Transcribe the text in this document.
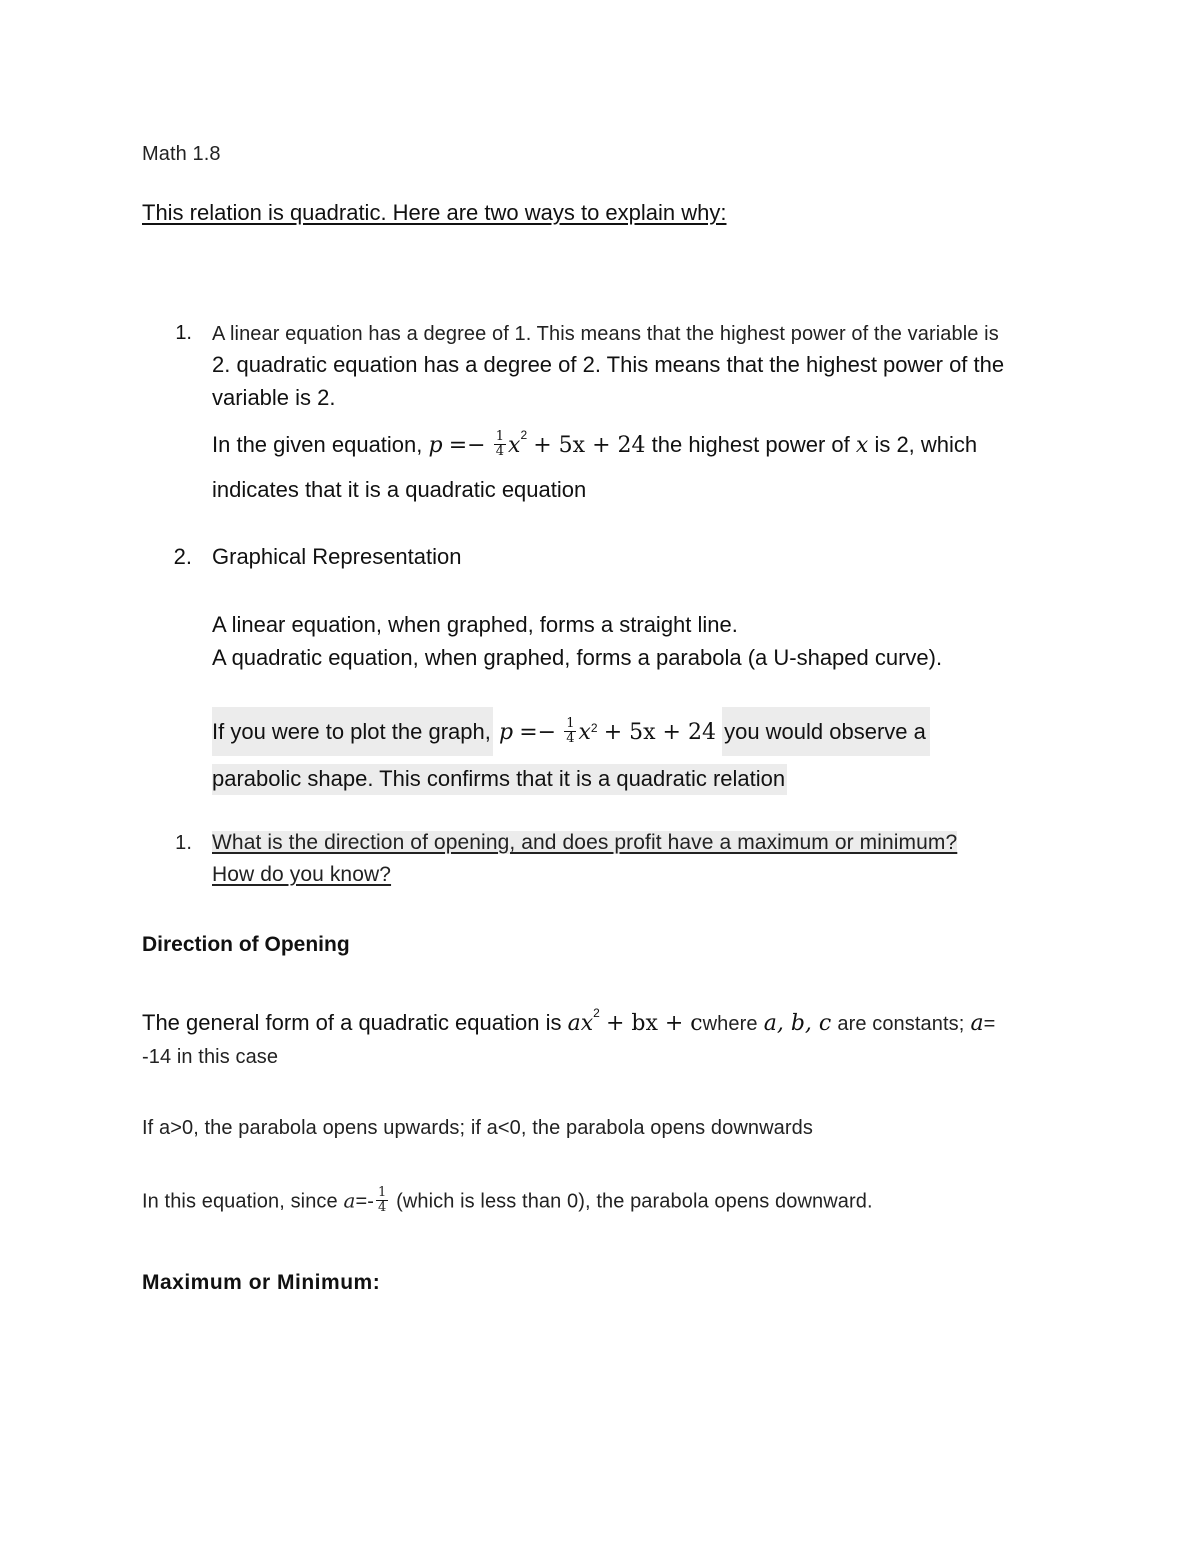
Math 1.8
This relation is quadratic. Here are two ways to explain why:
1. A linear equation has a degree of 1. This means that the highest power of the variable is
2. quadratic equation has a degree of 2. This means that the highest power of the
variable is 2.
In the given equation, $p =- \frac{1}{4} x^2 + 5x + 24$ the highest power of x is 2, which
indicates that it is a quadratic equation
2. Graphical Representation
A linear equation, when graphed, forms a straight line.
A quadratic equation, when graphed, forms a parabola (a U-shaped curve).
If you were to plot the graph, $p =- \frac{1}{4} x^2 + 5x + 24$ you would observe a
parabolic shape. This confirms that it is a quadratic relation
1. What is the direction of opening, and does profit have a maximum or minimum?
How do you know?
Direction of Opening
The general form of a quadratic equation is $ax^2$ + bx + cwhere a, b, c are constants; a=
-14 in this case
If a>0, the parabola opens upwards; if a<0, the parabola opens downwards
In this equation, since $a=- \frac{1}{4}$ (which is less than 0), the parabola opens downward.
Maximum or Minimum:
